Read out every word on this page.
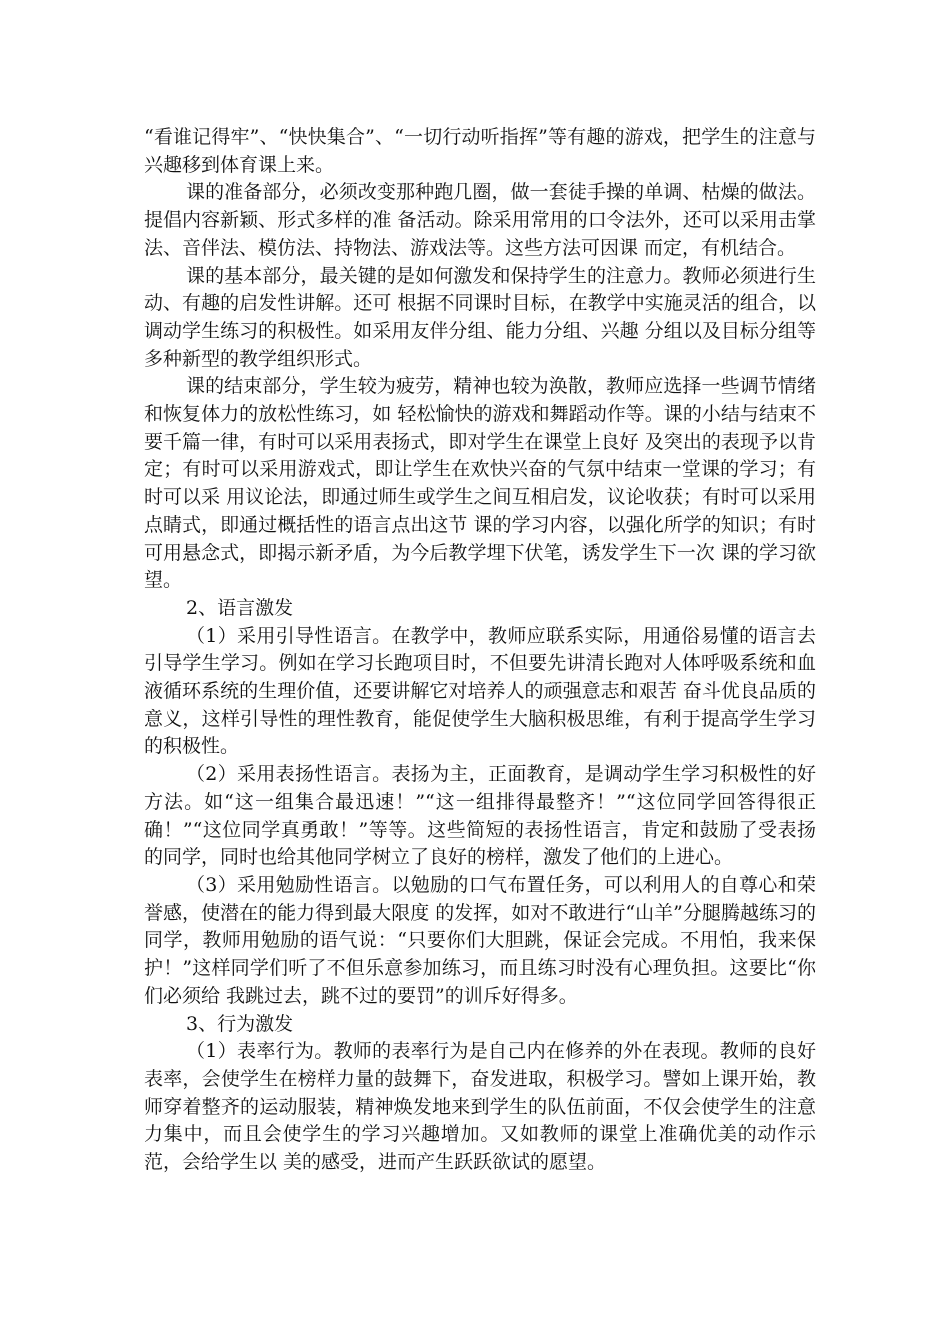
“看谁记得牢”、“快快集合”、“一切行动听指挥”等有趣的游戏，把学生的注意与 兴趣移到体育课上来。

课的准备部分，必须改变那种跑几圈，做一套徒手操的单调、枯燥的做法。提倡内容新颖、形式多样的准 备活动。除采用常用的口令法外，还可以采用击掌法、音伴法、模仿法、持物法、游戏法等。这些方法可因课 而定，有机结合。

课的基本部分，最关键的是如何激发和保持学生的注意力。教师必须进行生动、有趣的启发性讲解。还可 根据不同课时目标，在教学中实施灵活的组合，以调动学生练习的积极性。如采用友伴分组、能力分组、兴趣 分组以及目标分组等多种新型的教学组织形式。

课的结束部分，学生较为疲劳，精神也较为涣散，教师应选择一些调节情绪和恢复体力的放松性练习，如 轻松愉快的游戏和舞蹈动作等。课的小结与结束不要千篇一律，有时可以采用表扬式，即对学生在课堂上良好 及突出的表现予以肯定；有时可以采用游戏式，即让学生在欢快兴奋的气氛中结束一堂课的学习；有时可以采 用议论法，即通过师生或学生之间互相启发，议论收获；有时可以采用点睛式，即通过概括性的语言点出这节 课的学习内容，以强化所学的知识；有时可用悬念式，即揭示新矛盾，为今后教学埋下伏笔，诱发学生下一次 课的学习欲望。

2、语言激发

（1）采用引导性语言。在教学中，教师应联系实际，用通俗易懂的语言去引导学生学习。例如在学习长跑项目时，不但要先讲清长跑对人体呼吸系统和血液循环系统的生理价值，还要讲解它对培养人的顽强意志和艰苦 奋斗优良品质的意义，这样引导性的理性教育，能促使学生大脑积极思维，有利于提高学生学习的积极性。

（2）采用表扬性语言。表扬为主，正面教育，是调动学生学习积极性的好方法。如“这一组集合最迅速！”“这一组排得最整齐！”“这位同学回答得很正确！”“这位同学真勇敢！”等等。这些简短的表扬性语言，肯定和鼓励了受表扬的同学，同时也给其他同学树立了良好的榜样，激发了他们的上进心。

（3）采用勉励性语言。以勉励的口气布置任务，可以利用人的自尊心和荣誉感，使潜在的能力得到最大限度 的发挥，如对不敢进行“山羊”分腿腾越练习的同学，教师用勉励的语气说：“只要你们大胆跳，保证会完成。不用怕，我来保护！”这样同学们听了不但乐意参加练习，而且练习时没有心理负担。这要比“你们必须给 我跳过去，跳不过的要罚”的训斥好得多。

3、行为激发

（1）表率行为。教师的表率行为是自己内在修养的外在表现。教师的良好表率，会使学生在榜样力量的鼓舞下，奋发进取，积极学习。譬如上课开始，教师穿着整齐的运动服装，精神焕发地来到学生的队伍前面，不仅会使学生的注意力集中，而且会使学生的学习兴趣增加。又如教师的课堂上准确优美的动作示范，会给学生以 美的感受，进而产生跃跃欲试的愿望。
